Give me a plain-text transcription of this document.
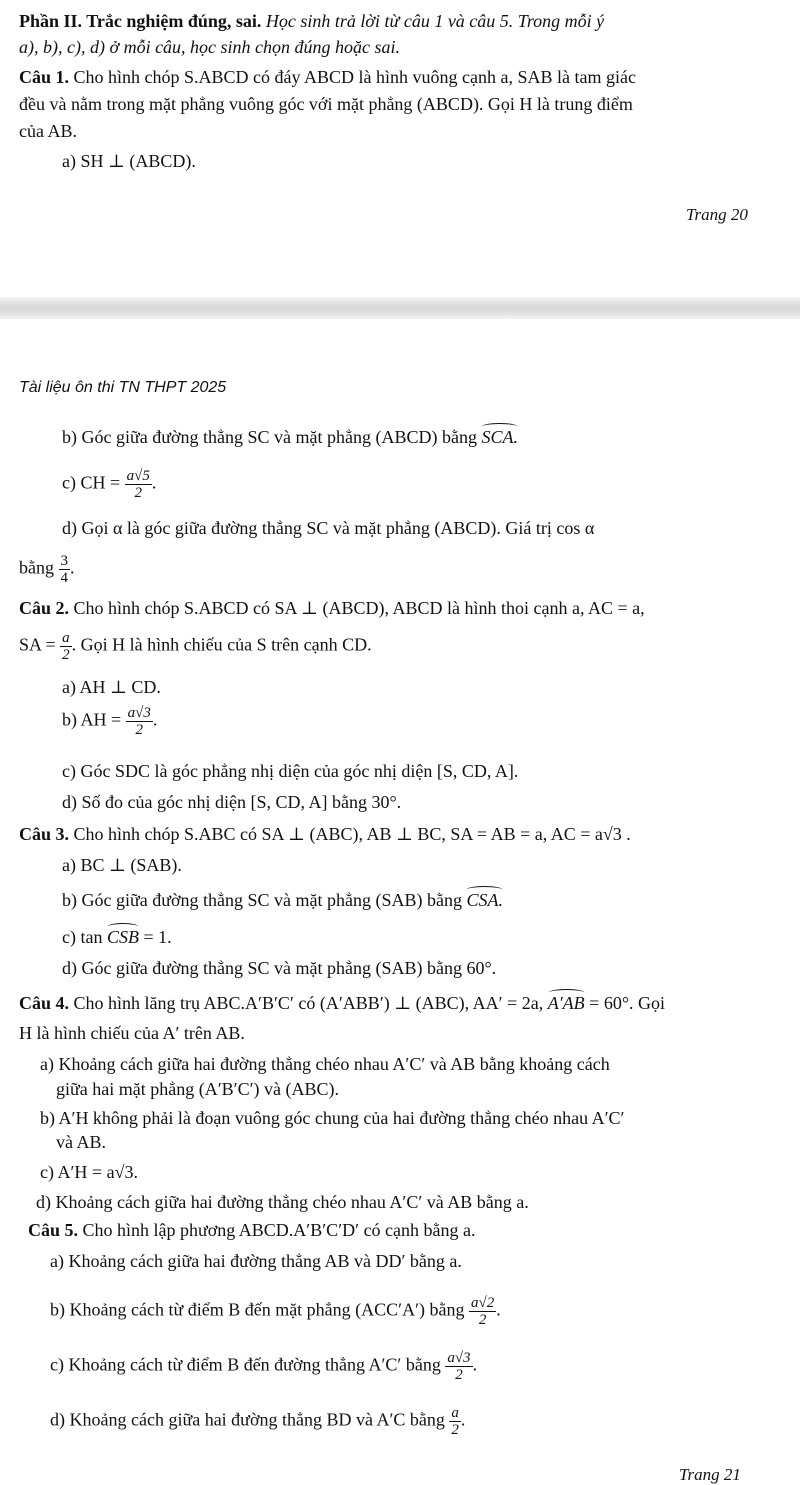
Phần II. Trắc nghiệm đúng, sai. Học sinh trả lời từ câu 1 và câu 5. Trong mỗi ý
a), b), c), d) ở mỗi câu, học sinh chọn đúng hoặc sai.
Câu 1. Cho hình chóp S.ABCD có đáy ABCD là hình vuông cạnh a, SAB là tam giác
đều và nằm trong mặt phẳng vuông góc với mặt phẳng (ABCD). Gọi H là trung điểm
của AB.
a) SH ⊥ (ABCD).
Trang 20
Tài liệu ôn thi TN THPT 2025
b) Góc giữa đường thẳng SC và mặt phẳng (ABCD) bằng SCA.
c) CH = $\frac{a√5}{2}$ .
d) Gọi α là góc giữa đường thẳng SC và mặt phẳng (ABCD). Giá trị cos α
bằng $\frac{3}{4}$ .
Câu 2. Cho hình chóp S.ABCD có SA ⊥ (ABCD), ABCD là hình thoi cạnh a, AC = a,
SA = $\frac{a}{2}$ . Gọi H là hình chiếu của S trên cạnh CD.
a) AH ⊥ CD.
b) AH = $\frac{a√3}{2}$ .
c) Góc SDC là góc phẳng nhị diện của góc nhị diện [S, CD, A].
d) Số đo của góc nhị diện [S, CD, A] bằng 30°.
Câu 3. Cho hình chóp S.ABC có SA ⊥ (ABC), AB ⊥ BC, SA = AB = a, AC = a√3 .
a) BC ⊥ (SAB).
b) Góc giữa đường thẳng SC và mặt phẳng (SAB) bằng CSA.
c) tan CSB = 1.
d) Góc giữa đường thẳng SC và mặt phẳng (SAB) bằng 60°.
Câu 4. Cho hình lăng trụ ABC.A′B′C′ có (A′ABB′) ⊥ (ABC), AA′ = 2a, A′AB = 60°. Gọi
H là hình chiếu của A′ trên AB.
a) Khoảng cách giữa hai đường thẳng chéo nhau A′C′ và AB bằng khoảng cách
giữa hai mặt phẳng (A′B′C′) và (ABC).
b) A′H không phải là đoạn vuông góc chung của hai đường thẳng chéo nhau A′C′
và AB.
c) A′H = a√3.
d) Khoảng cách giữa hai đường thẳng chéo nhau A′C′ và AB bằng a.
Câu 5. Cho hình lập phương ABCD.A′B′C′D′ có cạnh bằng a.
a) Khoảng cách giữa hai đường thẳng AB và DD′ bằng a.
b) Khoảng cách từ điểm B đến mặt phẳng (ACC′A′) bằng $\frac{a√2}{2}$ .
c) Khoảng cách từ điểm B đến đường thẳng A′C′ bằng $\frac{a√3}{2}$ .
d) Khoảng cách giữa hai đường thẳng BD và A′C bằng $\frac{a}{2}$ .
Trang 21
